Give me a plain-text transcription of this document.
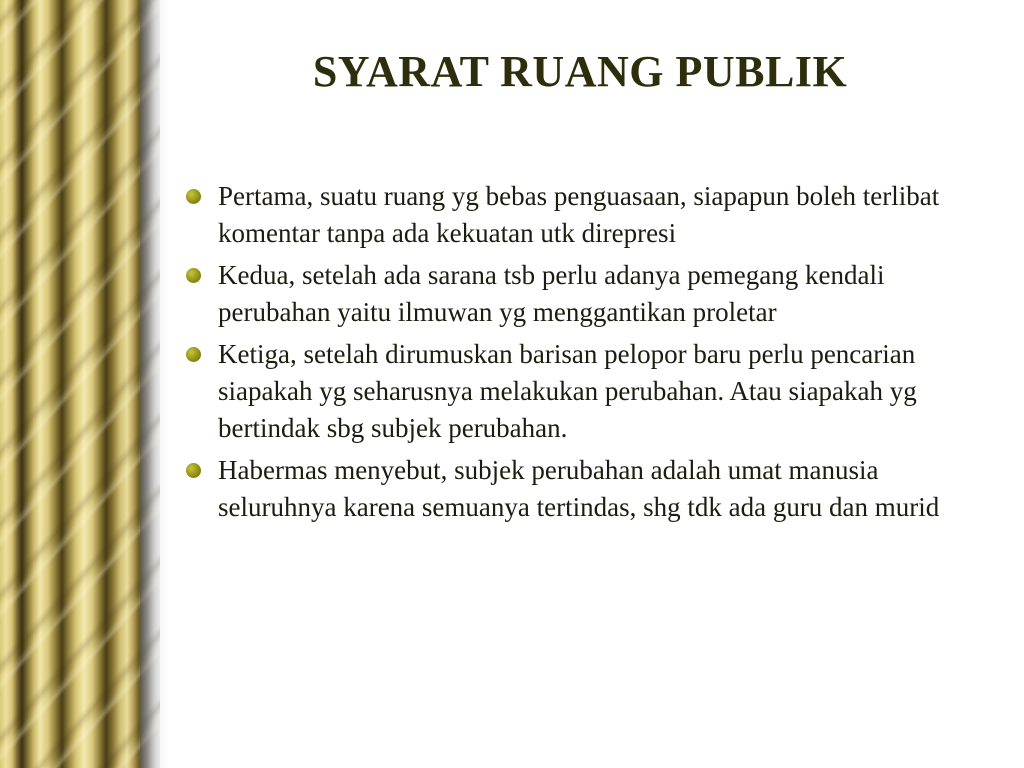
SYARAT RUANG PUBLIK
Pertama, suatu ruang yg bebas penguasaan, siapapun boleh terlibat komentar tanpa ada kekuatan utk direpresi
Kedua, setelah ada sarana tsb perlu adanya pemegang kendali perubahan yaitu ilmuwan yg menggantikan proletar
Ketiga, setelah dirumuskan barisan pelopor baru perlu pencarian siapakah yg seharusnya melakukan perubahan. Atau siapakah yg bertindak sbg subjek perubahan.
Habermas menyebut, subjek perubahan adalah umat manusia seluruhnya karena semuanya tertindas, shg tdk ada guru dan murid
